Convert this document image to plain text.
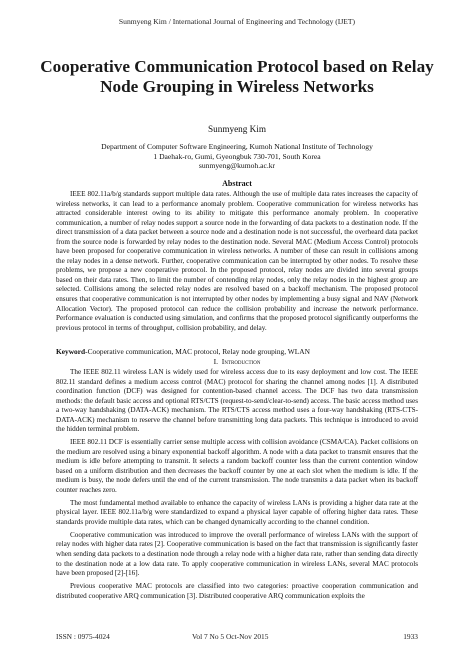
Sunmyeng Kim / International Journal of Engineering and Technology (IJET)
Cooperative Communication Protocol based on Relay Node Grouping in Wireless Networks
Sunmyeng Kim
Department of Computer Software Engineering, Kumoh National Institute of Technology
1 Daehak-ro, Gumi, Gyeongbuk 730-701, South Korea
sunmyeng@kumoh.ac.kr
Abstract

IEEE 802.11a/b/g standards support multiple data rates. Although the use of multiple data rates increases the capacity of wireless networks, it can lead to a performance anomaly problem. Cooperative communication for wireless networks has attracted considerable interest owing to its ability to mitigate this performance anomaly problem. In cooperative communication, a number of relay nodes support a source node in the forwarding of data packets to a destination node. If the direct transmission of a data packet between a source node and a destination node is not successful, the overheard data packet from the source node is forwarded by relay nodes to the destination node. Several MAC (Medium Access Control) protocols have been proposed for cooperative communication in wireless networks. A number of these can result in collisions among the relay nodes in a dense network. Further, cooperative communication can be interrupted by other nodes. To resolve these problems, we propose a new cooperative protocol. In the proposed protocol, relay nodes are divided into several groups based on their data rates. Then, to limit the number of contending relay nodes, only the relay nodes in the highest group are selected. Collisions among the selected relay nodes are resolved based on a backoff mechanism. The proposed protocol ensures that cooperative communication is not interrupted by other nodes by implementing a busy signal and NAV (Network Allocation Vector). The proposed protocol can reduce the collision probability and increase the network performance. Performance evaluation is conducted using simulation, and confirms that the proposed protocol significantly outperforms the previous protocol in terms of throughput, collision probability, and delay.

Keyword-Cooperative communication, MAC protocol, Relay node grouping, WLAN
I. Introduction

The IEEE 802.11 wireless LAN is widely used for wireless access due to its easy deployment and low cost. The IEEE 802.11 standard defines a medium access control (MAC) protocol for sharing the channel among nodes [1]. A distributed coordination function (DCF) was designed for contention-based channel access. The DCF has two data transmission methods: the default basic access and optional RTS/CTS (request-to-send/clear-to-send) access. The basic access method uses a two-way handshaking (DATA-ACK) mechanism. The RTS/CTS access method uses a four-way handshaking (RTS-CTS-DATA-ACK) mechanism to reserve the channel before transmitting long data packets. This technique is introduced to avoid the hidden terminal problem.

IEEE 802.11 DCF is essentially carrier sense multiple access with collision avoidance (CSMA/CA). Packet collisions on the medium are resolved using a binary exponential backoff algorithm. A node with a data packet to transmit ensures that the medium is idle before attempting to transmit. It selects a random backoff counter less than the current contention window based on a uniform distribution and then decreases the backoff counter by one at each slot when the medium is idle. If the medium is busy, the node defers until the end of the current transmission. The node transmits a data packet when its backoff counter reaches zero.

The most fundamental method available to enhance the capacity of wireless LANs is providing a higher data rate at the physical layer. IEEE 802.11a/b/g were standardized to expand a physical layer capable of offering higher data rates. These standards provide multiple data rates, which can be changed dynamically according to the channel condition.

Cooperative communication was introduced to improve the overall performance of wireless LANs with the support of relay nodes with higher data rates [2]. Cooperative communication is based on the fact that transmission is significantly faster when sending data packets to a destination node through a relay node with a higher data rate, rather than sending data directly to the destination node at a low data rate. To apply cooperative communication in wireless LANs, several MAC protocols have been proposed [2]-[16].

Previous cooperative MAC protocols are classified into two categories: proactive cooperation communication and distributed cooperative ARQ communication [3]. Distributed cooperative ARQ communication exploits the

ISSN : 0975-4024	Vol 7 No 5 Oct-Nov 2015	1933
